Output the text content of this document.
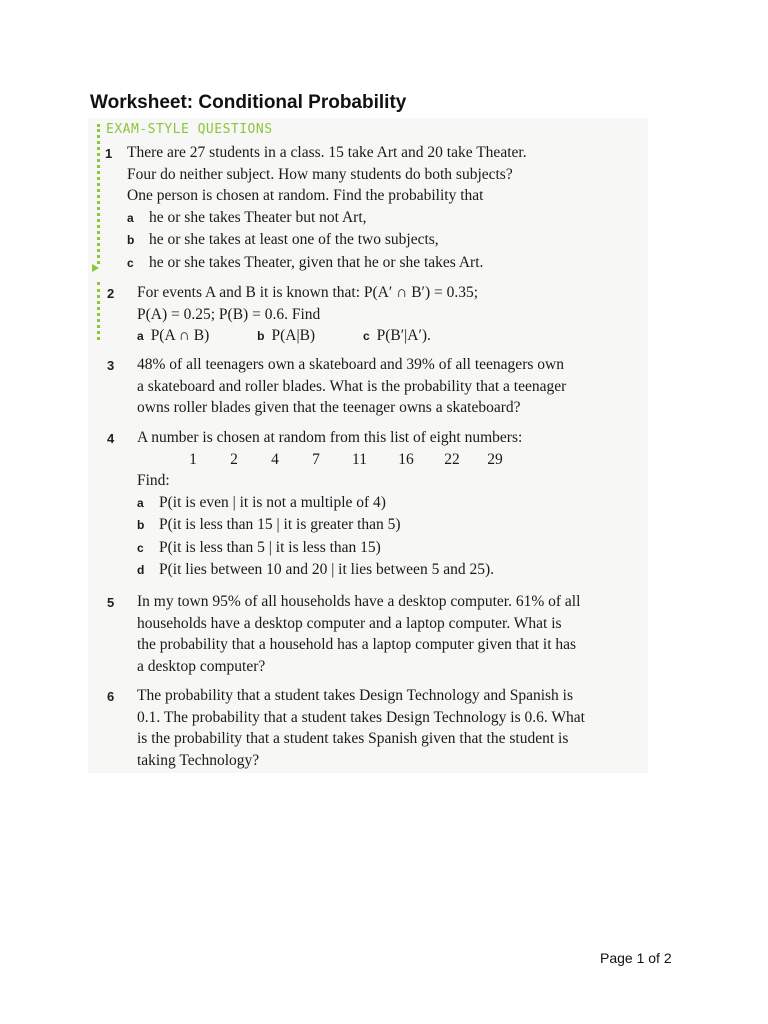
Worksheet: Conditional Probability
EXAM-STYLE QUESTIONS
1 There are 27 students in a class. 15 take Art and 20 take Theater.
Four do neither subject. How many students do both subjects?
One person is chosen at random. Find the probability that
a he or she takes Theater but not Art,
b he or she takes at least one of the two subjects,
c he or she takes Theater, given that he or she takes Art.
2 For events A and B it is known that: P(A′ ∩ B′) = 0.35;
P(A) = 0.25; P(B) = 0.6. Find
a P(A ∩ B)	b P(A|B)	c P(B′|A′).
3 48% of all teenagers own a skateboard and 39% of all teenagers own
a skateboard and roller blades. What is the probability that a teenager
owns roller blades given that the teenager owns a skateboard?
4 A number is chosen at random from this list of eight numbers:
1	2	4	7	11	16	22	29
Find:
a P(it is even | it is not a multiple of 4)
b P(it is less than 15 | it is greater than 5)
c P(it is less than 5 | it is less than 15)
d P(it lies between 10 and 20 | it lies between 5 and 25).
5 In my town 95% of all households have a desktop computer. 61% of all
households have a desktop computer and a laptop computer. What is
the probability that a household has a laptop computer given that it has
a desktop computer?
6 The probability that a student takes Design Technology and Spanish is
0.1. The probability that a student takes Design Technology is 0.6. What
is the probability that a student takes Spanish given that the student is
taking Technology?
Page 1 of 2
